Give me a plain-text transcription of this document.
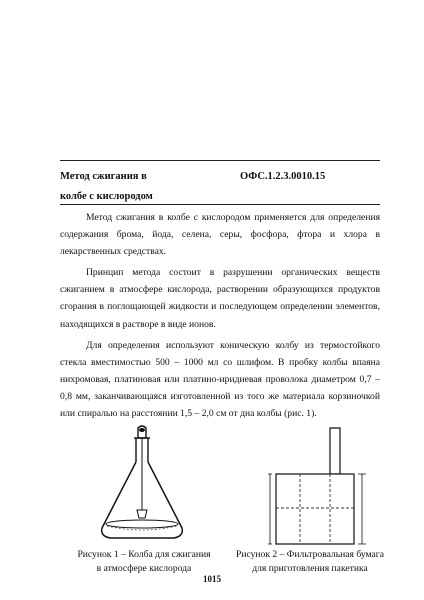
Метод сжигания в
колбе с кислородом
ОФС.1.2.3.0010.15

Метод сжигания в колбе с кислородом применяется для определения содержания брома, йода, селена, серы, фосфора, фтора и хлора в лекарственных средствах.

Принцип метода состоит в разрушении органических веществ сжиганием в атмосфере кислорода, растворении образующихся продуктов сгорания в поглощающей жидкости и последующем определении элементов, находящихся в растворе в виде ионов.

Для определения используют коническую колбу из термостойкого стекла вместимостью 500 – 1000 мл со шлифом. В пробку колбы впаяна нихромовая, платиновая или платино-иридиевая проволока диаметром 0,7 – 0,8 мм, заканчивающаяся изготовленной из того же материала корзиночкой или спиралью на расстоянии 1,5 – 2,0 см от дна колбы (рис. 1).

Рисунок 1 – Колба для сжигания
в атмосфере кислорода
Рисунок 2 – Фильтровальная бумага
для приготовления пакетика
1015
